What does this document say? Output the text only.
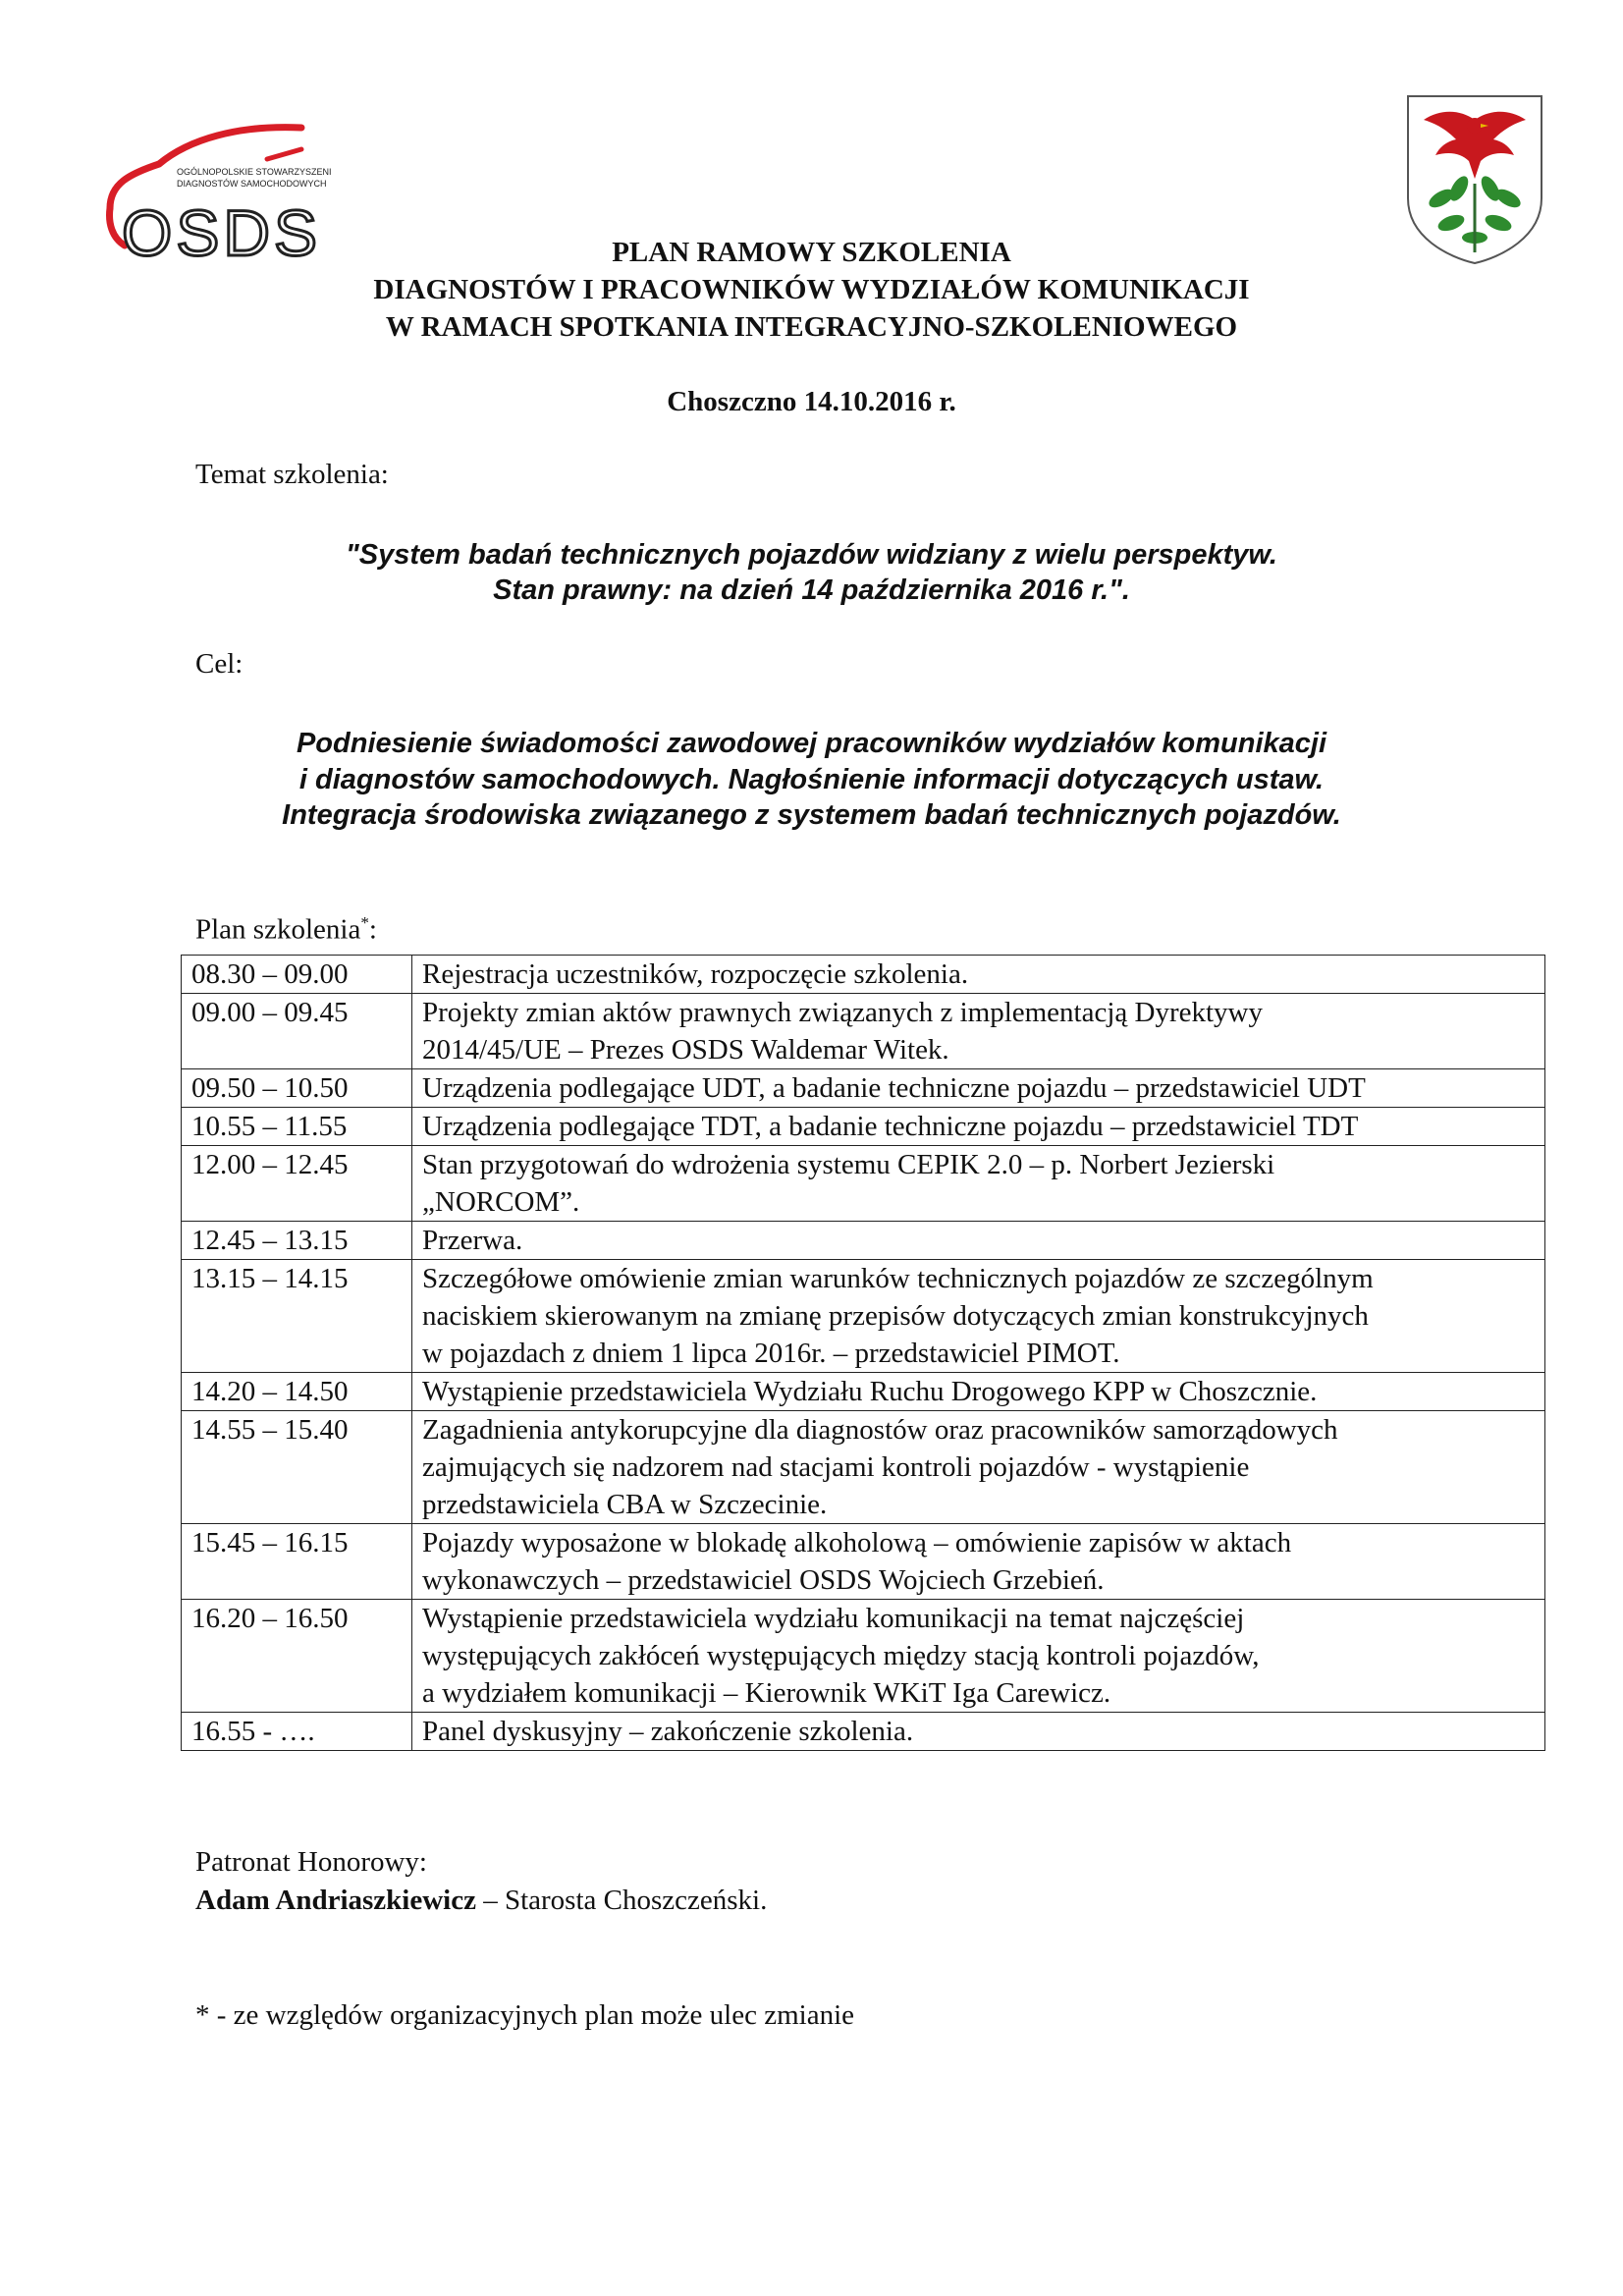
OGÓLNOPOLSKIE STOWARZYSZENIE
DIAGNOSTÓW SAMOCHODOWYCH
OSDS	PLAN RAMOWY SZKOLENIA
DIAGNOSTÓW I PRACOWNIKÓW WYDZIAŁÓW KOMUNIKACJI
W RAMACH SPOTKANIA INTEGRACYJNO-SZKOLENIOWEGO
Choszczno 14.10.2016 r.
Temat szkolenia:
"System badań technicznych pojazdów widziany z wielu perspektyw.
Stan prawny: na dzień 14 października 2016 r.".
Cel:
Podniesienie świadomości zawodowej pracowników wydziałów komunikacji
i diagnostów samochodowych. Nagłośnienie informacji dotyczących ustaw.
Integracja środowiska związanego z systemem badań technicznych pojazdów.
Plan szkolenia*:
08.30 – 09.00	Rejestracja uczestników, rozpoczęcie szkolenia.
09.00 – 09.45	Projekty zmian aktów prawnych związanych z implementacją Dyrektywy
2014/45/UE – Prezes OSDS Waldemar Witek.
09.50 – 10.50	Urządzenia podlegające UDT, a badanie techniczne pojazdu – przedstawiciel UDT
10.55 – 11.55	Urządzenia podlegające TDT, a badanie techniczne pojazdu – przedstawiciel TDT
12.00 – 12.45	Stan przygotowań do wdrożenia systemu CEPIK 2.0 – p. Norbert Jezierski
„NORCOM”.
12.45 – 13.15	Przerwa.
13.15 – 14.15	Szczegółowe omówienie zmian warunków technicznych pojazdów ze szczególnym
naciskiem skierowanym na zmianę przepisów dotyczących zmian konstrukcyjnych
w pojazdach z dniem 1 lipca 2016r. – przedstawiciel PIMOT.
14.20 – 14.50	Wystąpienie przedstawiciela Wydziału Ruchu Drogowego KPP w Choszcznie.

14.55 – 15.40	Zagadnienia antykorupcyjne dla diagnostów oraz pracowników samorządowych
zajmujących się nadzorem nad stacjami kontroli pojazdów - wystąpienie
przedstawiciela CBA w Szczecinie.
15.45 – 16.15	Pojazdy wyposażone w blokadę alkoholową – omówienie zapisów w aktach
wykonawczych – przedstawiciel OSDS Wojciech Grzebień.
16.20 – 16.50	Wystąpienie przedstawiciela wydziału komunikacji na temat najczęściej
występujących zakłóceń występujących między stacją kontroli pojazdów,
a wydziałem komunikacji – Kierownik WKiT Iga Carewicz.
16.55 - ….	Panel dyskusyjny – zakończenie szkolenia.
Patronat Honorowy:
Adam Andriaszkiewicz – Starosta Choszczeński.
* - ze względów organizacyjnych plan może ulec zmianie
